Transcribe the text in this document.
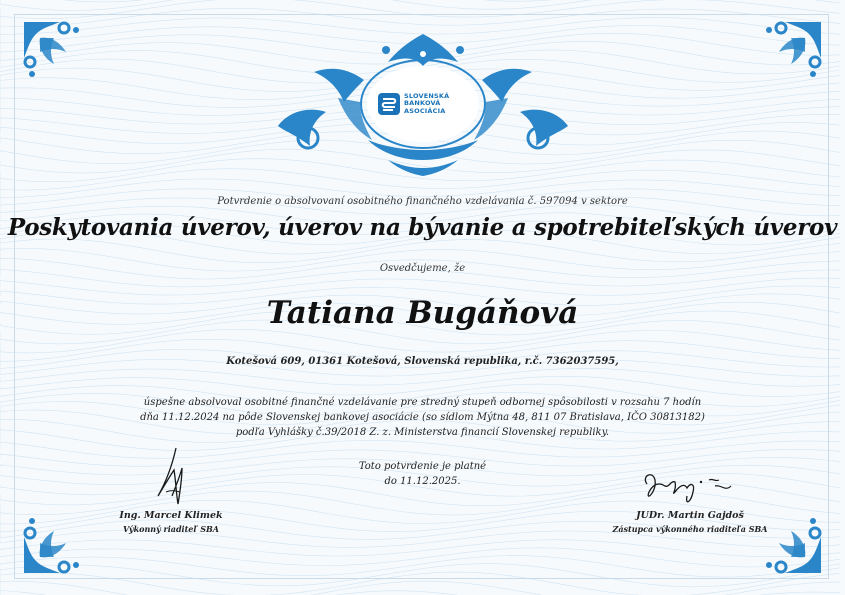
SLOVENSKÁ
BANKOVÁ
ASOCIÁCIA
Potvrdenie o absolvovaní osobitného finančného vzdelávania č. 597094 v sektore
Poskytovania úverov, úverov na bývanie a spotrebiteľských úverov
Osvedčujeme, že
Tatiana Bugáňová
Kotešová 609, 01361 Kotešová, Slovenská republika, r.č. 7362037595,
úspešne absolvoval osobitné finančné vzdelávanie pre stredný stupeň odbornej spôsobilosti v rozsahu 7 hodín
dňa 11.12.2024 na pôde Slovenskej bankovej asociácie (so sídlom Mýtna 48, 811 07 Bratislava, IČO 30813182)
podľa Vyhlášky č.39/2018 Z. z. Ministerstva financií Slovenskej republiky.
Toto potvrdenie je platné
do 11.12.2025.
Ing. Marcel Klimek
Výkonný riaditeľ SBA
JUDr. Martin Gajdoš
Zástupca výkonného riaditeľa SBA
